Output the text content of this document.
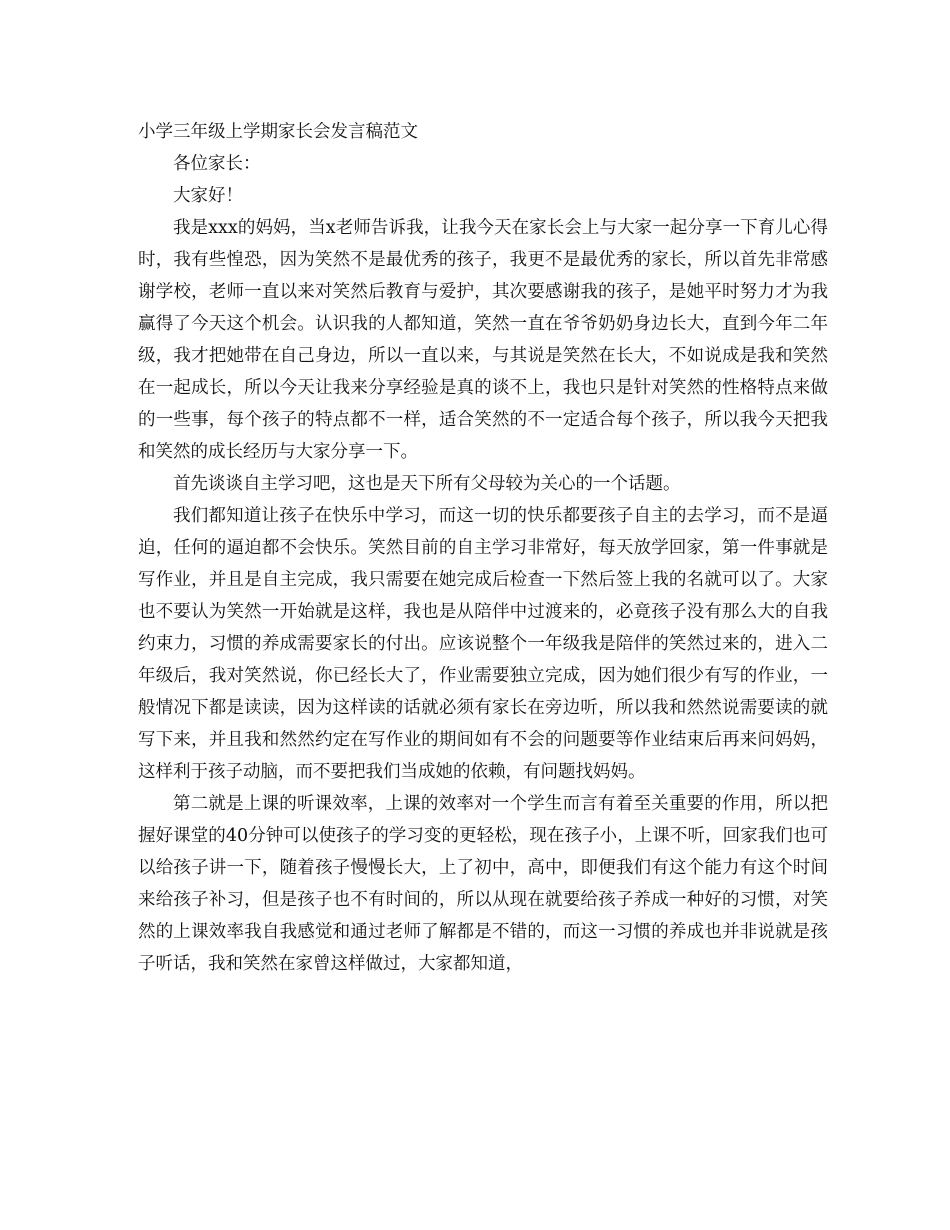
小学三年级上学期家长会发言稿范文

各位家长：

大家好！

我是xxx的妈妈，当x老师告诉我，让我今天在家长会上与大家一起分享一下育儿心得时，我有些惶恐，因为笑然不是最优秀的孩子，我更不是最优秀的家长，所以首先非常感谢学校，老师一直以来对笑然后教育与爱护，其次要感谢我的孩子，是她平时努力才为我赢得了今天这个机会。认识我的人都知道，笑然一直在爷爷奶奶身边长大，直到今年二年级，我才把她带在自己身边，所以一直以来，与其说是笑然在长大，不如说成是我和笑然在一起成长，所以今天让我来分享经验是真的谈不上，我也只是针对笑然的性格特点来做的一些事，每个孩子的特点都不一样，适合笑然的不一定适合每个孩子，所以我今天把我和笑然的成长经历与大家分享一下。

首先谈谈自主学习吧，这也是天下所有父母较为关心的一个话题。

我们都知道让孩子在快乐中学习，而这一切的快乐都要孩子自主的去学习，而不是逼迫，任何的逼迫都不会快乐。笑然目前的自主学习非常好，每天放学回家，第一件事就是写作业，并且是自主完成，我只需要在她完成后检查一下然后签上我的名就可以了。大家也不要认为笑然一开始就是这样，我也是从陪伴中过渡来的，必竟孩子没有那么大的自我约束力，习惯的养成需要家长的付出。应该说整个一年级我是陪伴的笑然过来的，进入二年级后，我对笑然说，你已经长大了，作业需要独立完成，因为她们很少有写的作业，一般情况下都是读读，因为这样读的话就必须有家长在旁边听，所以我和然然说需要读的就写下来，并且我和然然约定在写作业的期间如有不会的问题要等作业结束后再来问妈妈，这样利于孩子动脑，而不要把我们当成她的依赖，有问题找妈妈。

第二就是上课的听课效率，上课的效率对一个学生而言有着至关重要的作用，所以把握好课堂的40分钟可以使孩子的学习变的更轻松，现在孩子小，上课不听，回家我们也可以给孩子讲一下，随着孩子慢慢长大，上了初中，高中，即便我们有这个能力有这个时间来给孩子补习，但是孩子也不有时间的，所以从现在就要给孩子养成一种好的习惯，对笑然的上课效率我自我感觉和通过老师了解都是不错的，而这一习惯的养成也并非说就是孩子听话，我和笑然在家曾这样做过，大家都知道，
